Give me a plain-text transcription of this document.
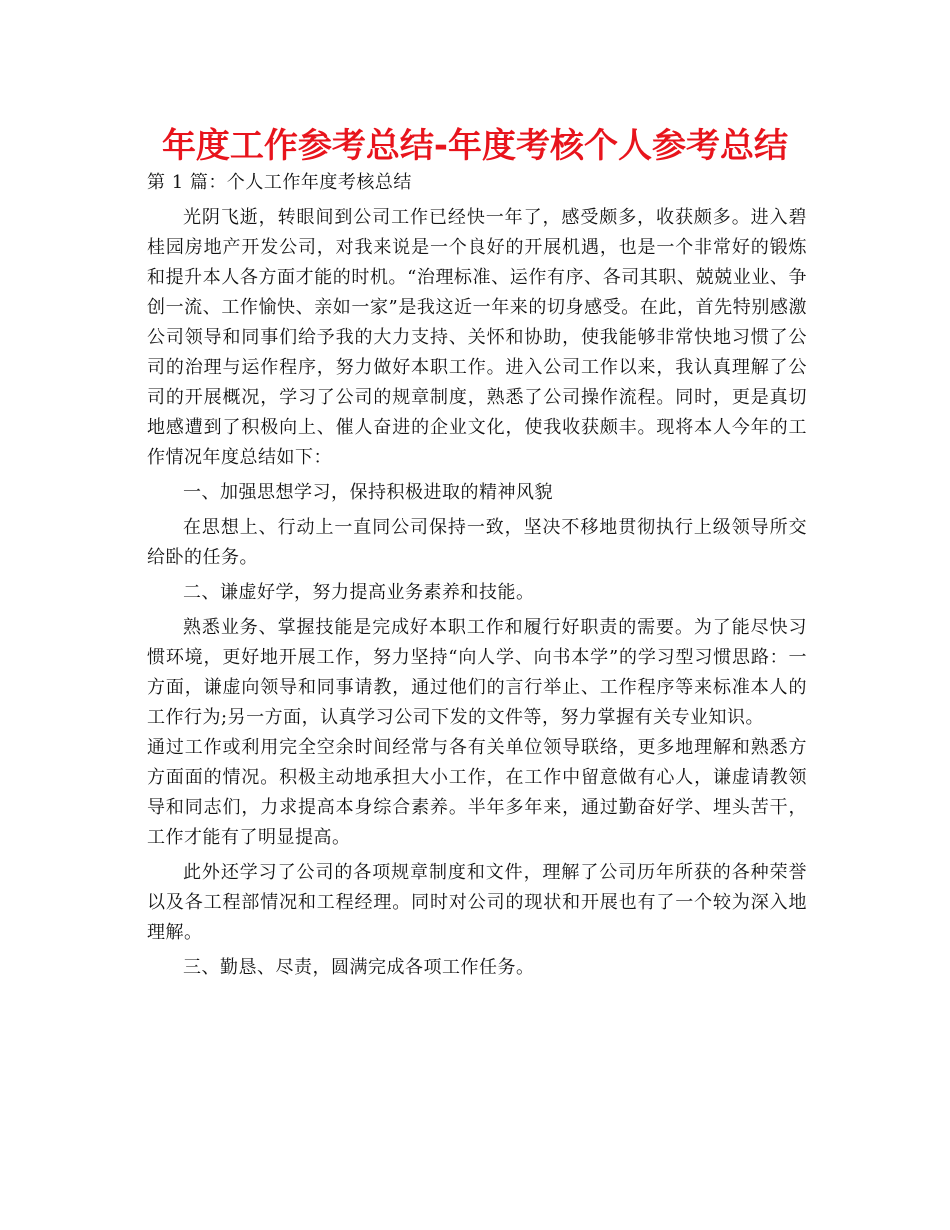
年度工作参考总结-年度考核个人参考总结

第 1 篇：个人工作年度考核总结

光阴飞逝，转眼间到公司工作已经快一年了，感受颇多，收获颇多。进入碧桂园房地产开发公司，对我来说是一个良好的开展机遇，也是一个非常好的锻炼和提升本人各方面才能的时机。“治理标准、运作有序、各司其职、兢兢业业、争创一流、工作愉快、亲如一家”是我这近一年来的切身感受。在此，首先特别感激公司领导和同事们给予我的大力支持、关怀和协助，使我能够非常快地习惯了公司的治理与运作程序，努力做好本职工作。进入公司工作以来，我认真理解了公司的开展概况，学习了公司的规章制度，熟悉了公司操作流程。同时，更是真切地感遭到了积极向上、催人奋进的企业文化，使我收获颇丰。现将本人今年的工作情况年度总结如下：

一、加强思想学习，保持积极进取的精神风貌

在思想上、行动上一直同公司保持一致，坚决不移地贯彻执行上级领导所交给卧的任务。

二、谦虚好学，努力提高业务素养和技能。

熟悉业务、掌握技能是完成好本职工作和履行好职责的需要。为了能尽快习惯环境，更好地开展工作，努力坚持“向人学、向书本学”的学习型习惯思路：一方面，谦虚向领导和同事请教，通过他们的言行举止、工作程序等来标准本人的工作行为;另一方面，认真学习公司下发的文件等，努力掌握有关专业知识。

通过工作或利用完全空余时间经常与各有关单位领导联络，更多地理解和熟悉方方面面的情况。积极主动地承担大小工作，在工作中留意做有心人，谦虚请教领导和同志们，力求提高本身综合素养。半年多年来，通过勤奋好学、埋头苦干，工作才能有了明显提高。

此外还学习了公司的各项规章制度和文件，理解了公司历年所获的各种荣誉以及各工程部情况和工程经理。同时对公司的现状和开展也有了一个较为深入地理解。

三、勤恳、尽责，圆满完成各项工作任务。
